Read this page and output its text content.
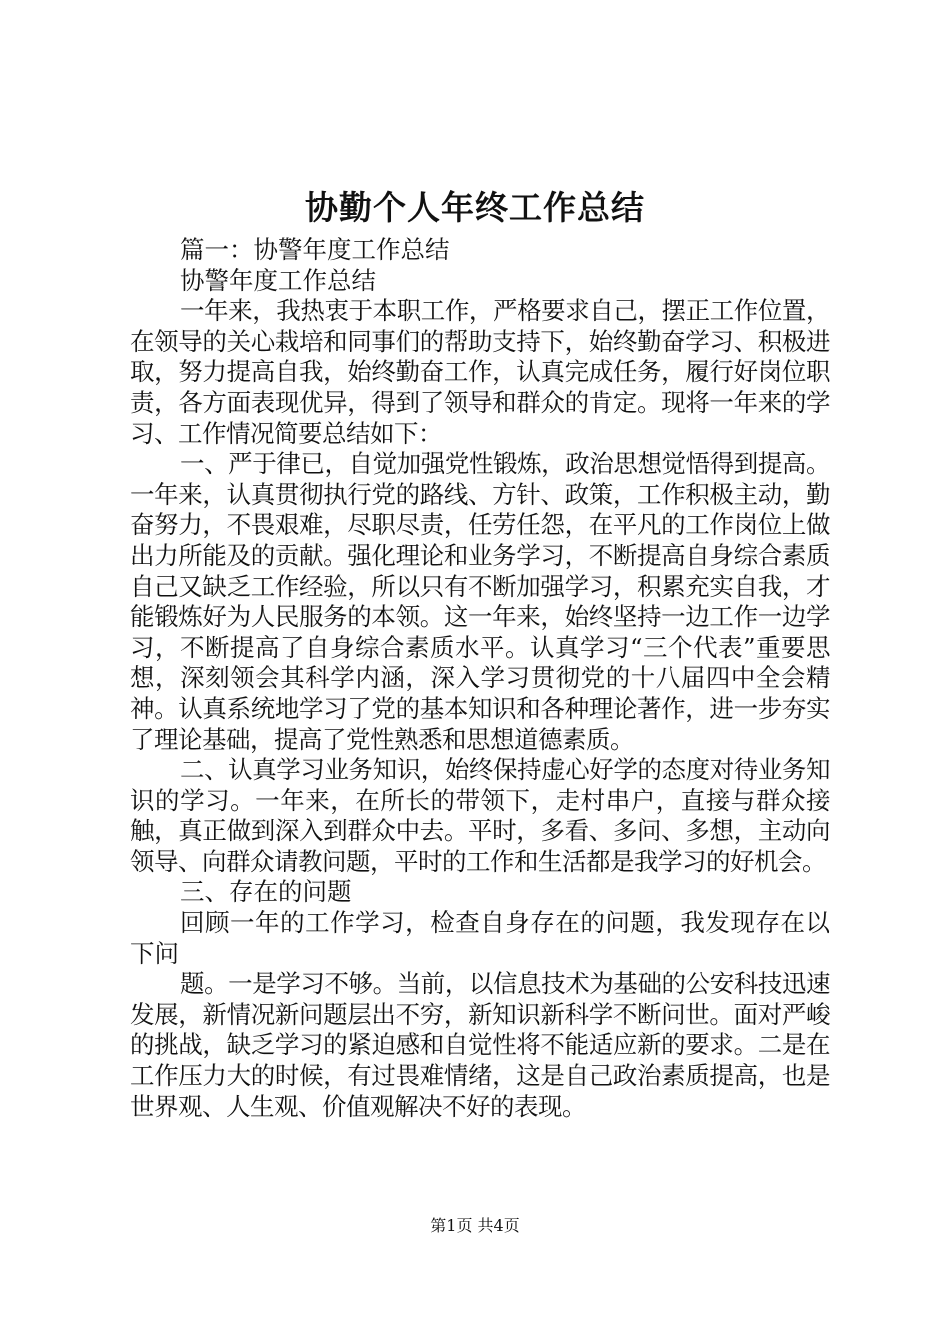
协勤个人年终工作总结

篇一：协警年度工作总结

协警年度工作总结

一年来，我热衷于本职工作，严格要求自己，摆正工作位置，在领导的关心栽培和同事们的帮助支持下，始终勤奋学习、积极进取，努力提高自我，始终勤奋工作，认真完成任务，履行好岗位职责，各方面表现优异，得到了领导和群众的肯定。现将一年来的学习、工作情况简要总结如下：

一、严于律已，自觉加强党性锻炼，政治思想觉悟得到提高。一年来，认真贯彻执行党的路线、方针、政策，工作积极主动，勤奋努力，不畏艰难，尽职尽责，任劳任怨，在平凡的工作岗位上做出力所能及的贡献。强化理论和业务学习，不断提高自身综合素质自己又缺乏工作经验，所以只有不断加强学习，积累充实自我，才能锻炼好为人民服务的本领。这一年来，始终坚持一边工作一边学习，不断提高了自身综合素质水平。认真学习“三个代表”重要思想，深刻领会其科学内涵，深入学习贯彻党的十八届四中全会精神。认真系统地学习了党的基本知识和各种理论著作，进一步夯实了理论基础，提高了党性熟悉和思想道德素质。

二、认真学习业务知识，始终保持虚心好学的态度对待业务知识的学习。一年来，在所长的带领下，走村串户，直接与群众接触，真正做到深入到群众中去。平时，多看、多问、多想，主动向领导、向群众请教问题，平时的工作和生活都是我学习的好机会。

三、存在的问题

回顾一年的工作学习，检查自身存在的问题，我发现存在以下问

题。一是学习不够。当前，以信息技术为基础的公安科技迅速发展，新情况新问题层出不穷，新知识新科学不断问世。面对严峻的挑战，缺乏学习的紧迫感和自觉性将不能适应新的要求。二是在工作压力大的时候，有过畏难情绪，这是自己政治素质提高，也是世界观、人生观、价值观解决不好的表现。

第1页 共4页
